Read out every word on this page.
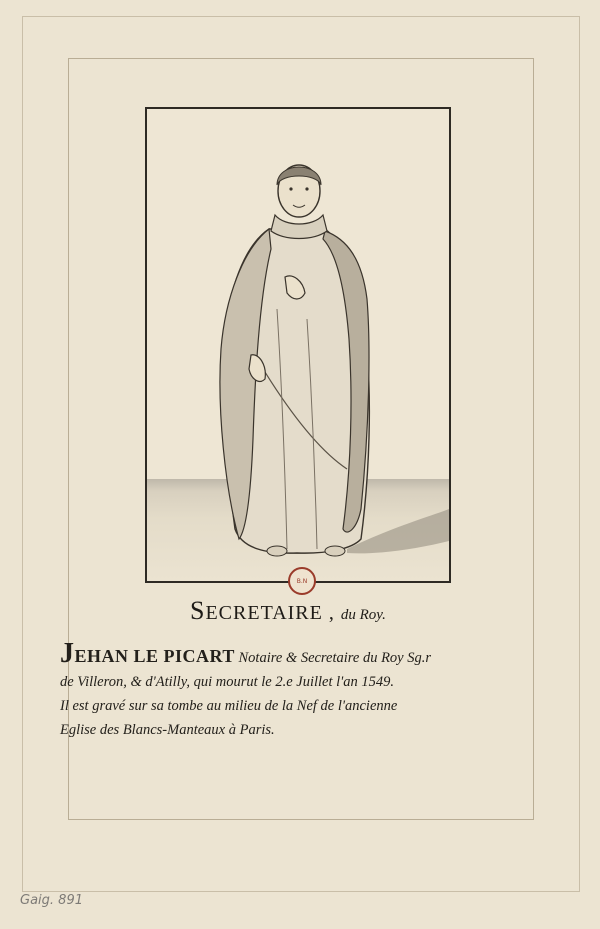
B.N
SECRETAIRE , du Roy.
JEHAN LE PICART Notaire & Secretaire du Roy Sg.r
de Villeron, & d'Atilly, qui mourut le 2.e Juillet l'an 1549.
Il est gravé sur sa tombe au milieu de la Nef de l'ancienne
Eglise des Blancs-Manteaux à Paris.
Gaig. 891
